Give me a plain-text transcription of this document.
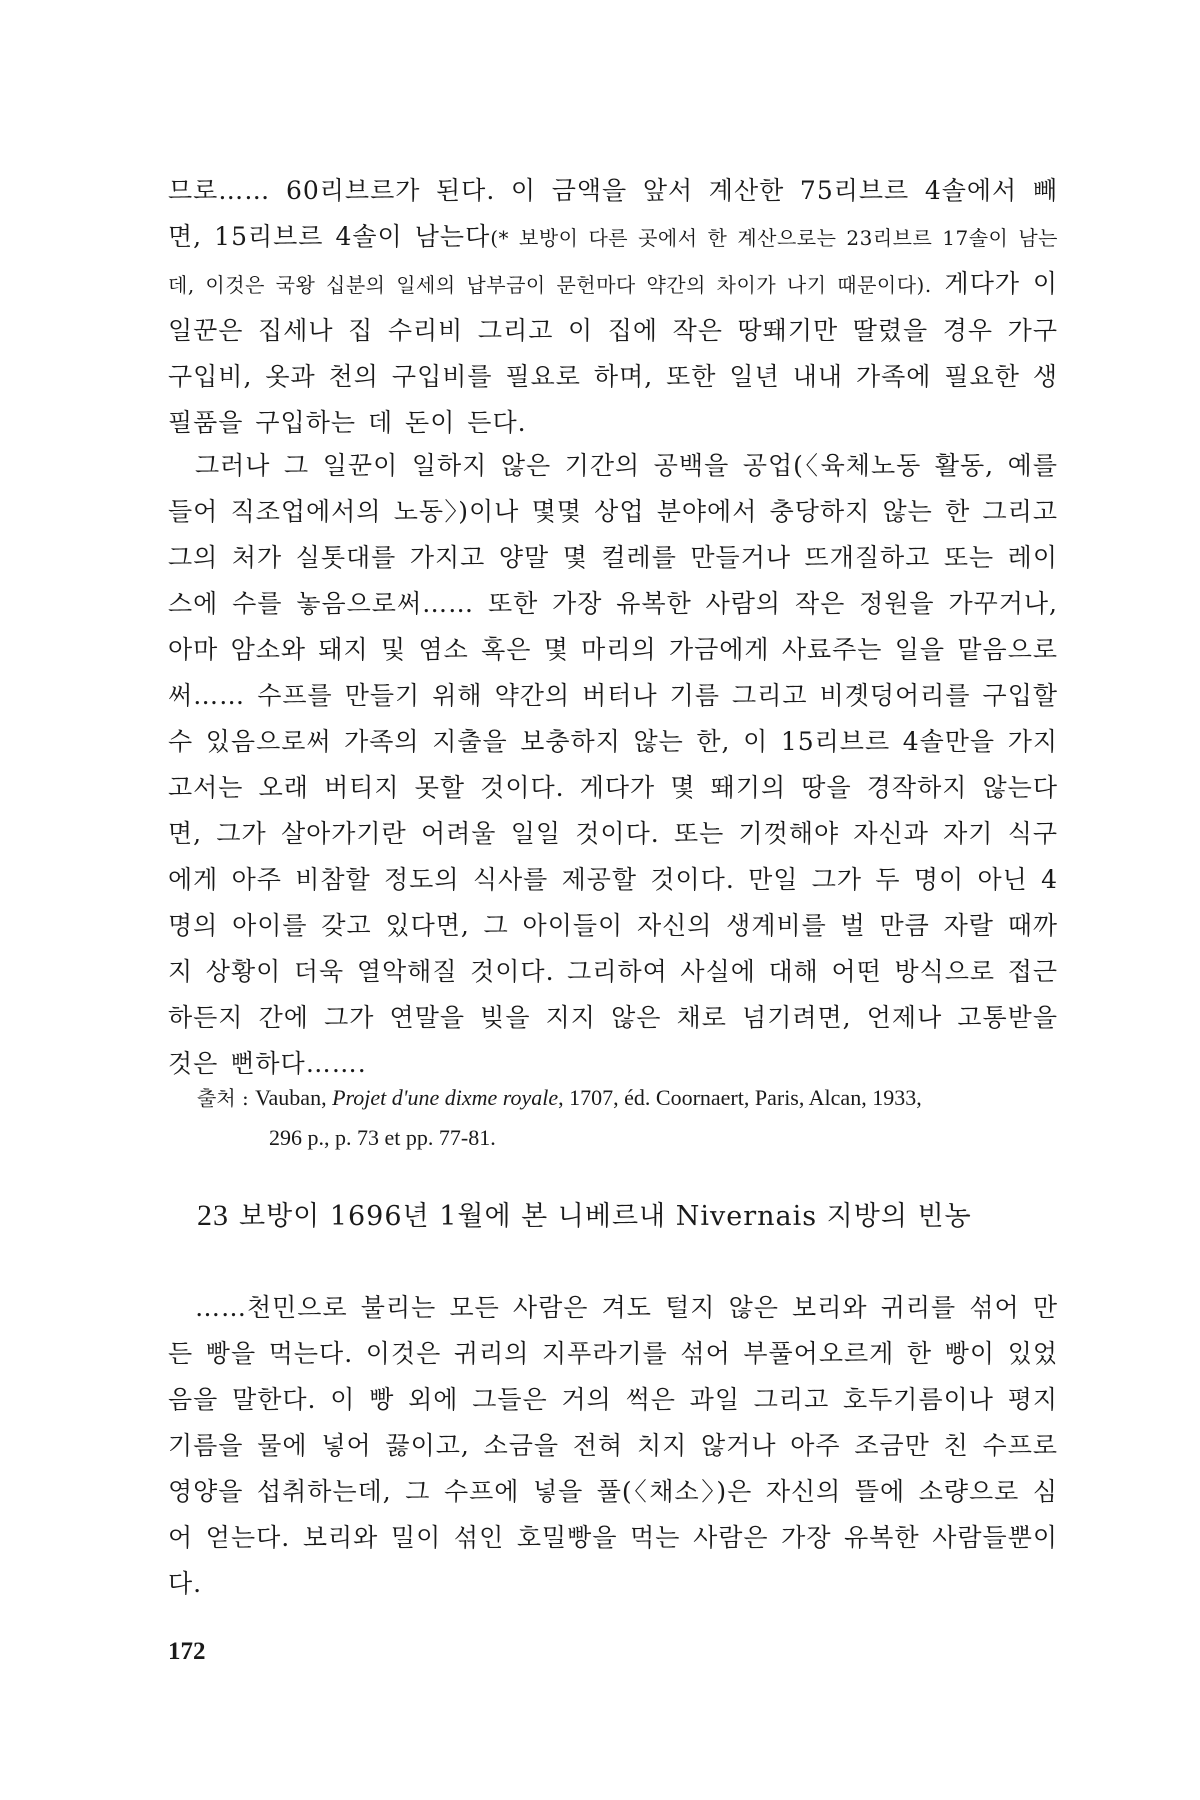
므로…… 60리브르가 된다. 이 금액을 앞서 계산한 75리브르 4솔에서 빼면, 15리브르 4솔이 남는다(* 보방이 다른 곳에서 한 계산으로는 23리브르 17솔이 남는데, 이것은 국왕 십분의 일세의 납부금이 문헌마다 약간의 차이가 나기 때문이다). 게다가 이 일꾼은 집세나 집 수리비 그리고 이 집에 작은 땅뙈기만 딸렸을 경우 가구 구입비, 옷과 천의 구입비를 필요로 하며, 또한 일년 내내 가족에 필요한 생필품을 구입하는 데 돈이 든다.

그러나 그 일꾼이 일하지 않은 기간의 공백을 공업(〈육체노동 활동, 예를 들어 직조업에서의 노동〉)이나 몇몇 상업 분야에서 충당하지 않는 한 그리고 그의 처가 실톳대를 가지고 양말 몇 컬레를 만들거나 뜨개질하고 또는 레이스에 수를 놓음으로써…… 또한 가장 유복한 사람의 작은 정원을 가꾸거나, 아마 암소와 돼지 및 염소 혹은 몇 마리의 가금에게 사료주는 일을 맡음으로써…… 수프를 만들기 위해 약간의 버터나 기름 그리고 비곗덩어리를 구입할 수 있음으로써 가족의 지출을 보충하지 않는 한, 이 15리브르 4솔만을 가지고서는 오래 버티지 못할 것이다. 게다가 몇 뙈기의 땅을 경작하지 않는다면, 그가 살아가기란 어려울 일일 것이다. 또는 기껏해야 자신과 자기 식구에게 아주 비참할 정도의 식사를 제공할 것이다. 만일 그가 두 명이 아닌 4명의 아이를 갖고 있다면, 그 아이들이 자신의 생계비를 벌 만큼 자랄 때까지 상황이 더욱 열악해질 것이다. 그리하여 사실에 대해 어떤 방식으로 접근하든지 간에 그가 연말을 빚을 지지 않은 채로 넘기려면, 언제나 고통받을 것은 뻔하다…….

출처 : Vauban, Projet d'une dixme royale, 1707, éd. Coornaert, Paris, Alcan, 1933,
296 p., p. 73 et pp. 77-81.
23 보방이 1696년 1월에 본 니베르내 Nivernais 지방의 빈농

……천민으로 불리는 모든 사람은 겨도 털지 않은 보리와 귀리를 섞어 만든 빵을 먹는다. 이것은 귀리의 지푸라기를 섞어 부풀어오르게 한 빵이 있었음을 말한다. 이 빵 외에 그들은 거의 썩은 과일 그리고 호두기름이나 평지기름을 물에 넣어 끓이고, 소금을 전혀 치지 않거나 아주 조금만 친 수프로 영양을 섭취하는데, 그 수프에 넣을 풀(〈채소〉)은 자신의 뜰에 소량으로 심어 얻는다. 보리와 밀이 섞인 호밀빵을 먹는 사람은 가장 유복한 사람들뿐이다.

172
